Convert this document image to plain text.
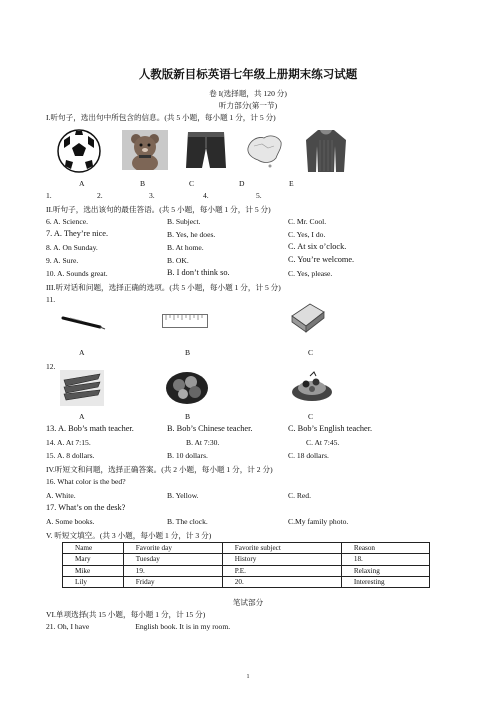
人教版新目标英语七年级上册期末练习试题
卷 I(选择题，共 120 分)
听力部分(第一节)
I.听句子，选出句中所包含的信息。(共 5 小题，每小题 1 分，计 5 分)
A	B	C	D	E
1.	2.	3.	4.	5.
II.听句子，选出该句的最佳答语。(共 5 小题，每小题 1 分，计 5 分)
6. A. Science.	B. Subject.	C. Mr. Cool.
7. A. They’re nice.	B. Yes, he does.	C. Yes, I do.
8. A. On Sunday.	B. At home.	C. At six o’clock.
9. A. Sure.	B. OK.	C. You’re welcome.
10. A. Sounds great.	B. I don’t think so.	C. Yes, please.
III.听对话和问题，选择正确的选项。(共 5 小题，每小题 1 分，计 5 分)
11.
A	B	C
12.
A	B	C
13. A. Bob’s math teacher.	B. Bob’s Chinese teacher.	C. Bob’s English teacher.
14. A. At 7:15.	B. At 7:30.	C. At 7:45.
15. A. 8 dollars.	B. 10 dollars.	C. 18 dollars.
IV.听短文和问题，选择正确答案。(共 2 小题，每小题 1 分，计 2 分)
16. What color is the bed?
A. White.	B. Yellow.	C. Red.
17. What’s on the desk?
A. Some books.	B. The clock.	C.My family photo.
V. 听短文填空。(共 3 小题，每小题 1 分，计 3 分)
Name	Favorite day	Favorite subject	Reason
Mary	Tuesday	History	18.
Mike	19.	P.E.	Relaxing
Lily	Friday	20.	Interesting
笔试部分
VI.单项选择(共 15 小题，每小题 1 分，计 15 分)
21. Oh, I have	English book. It is in my room.
1
